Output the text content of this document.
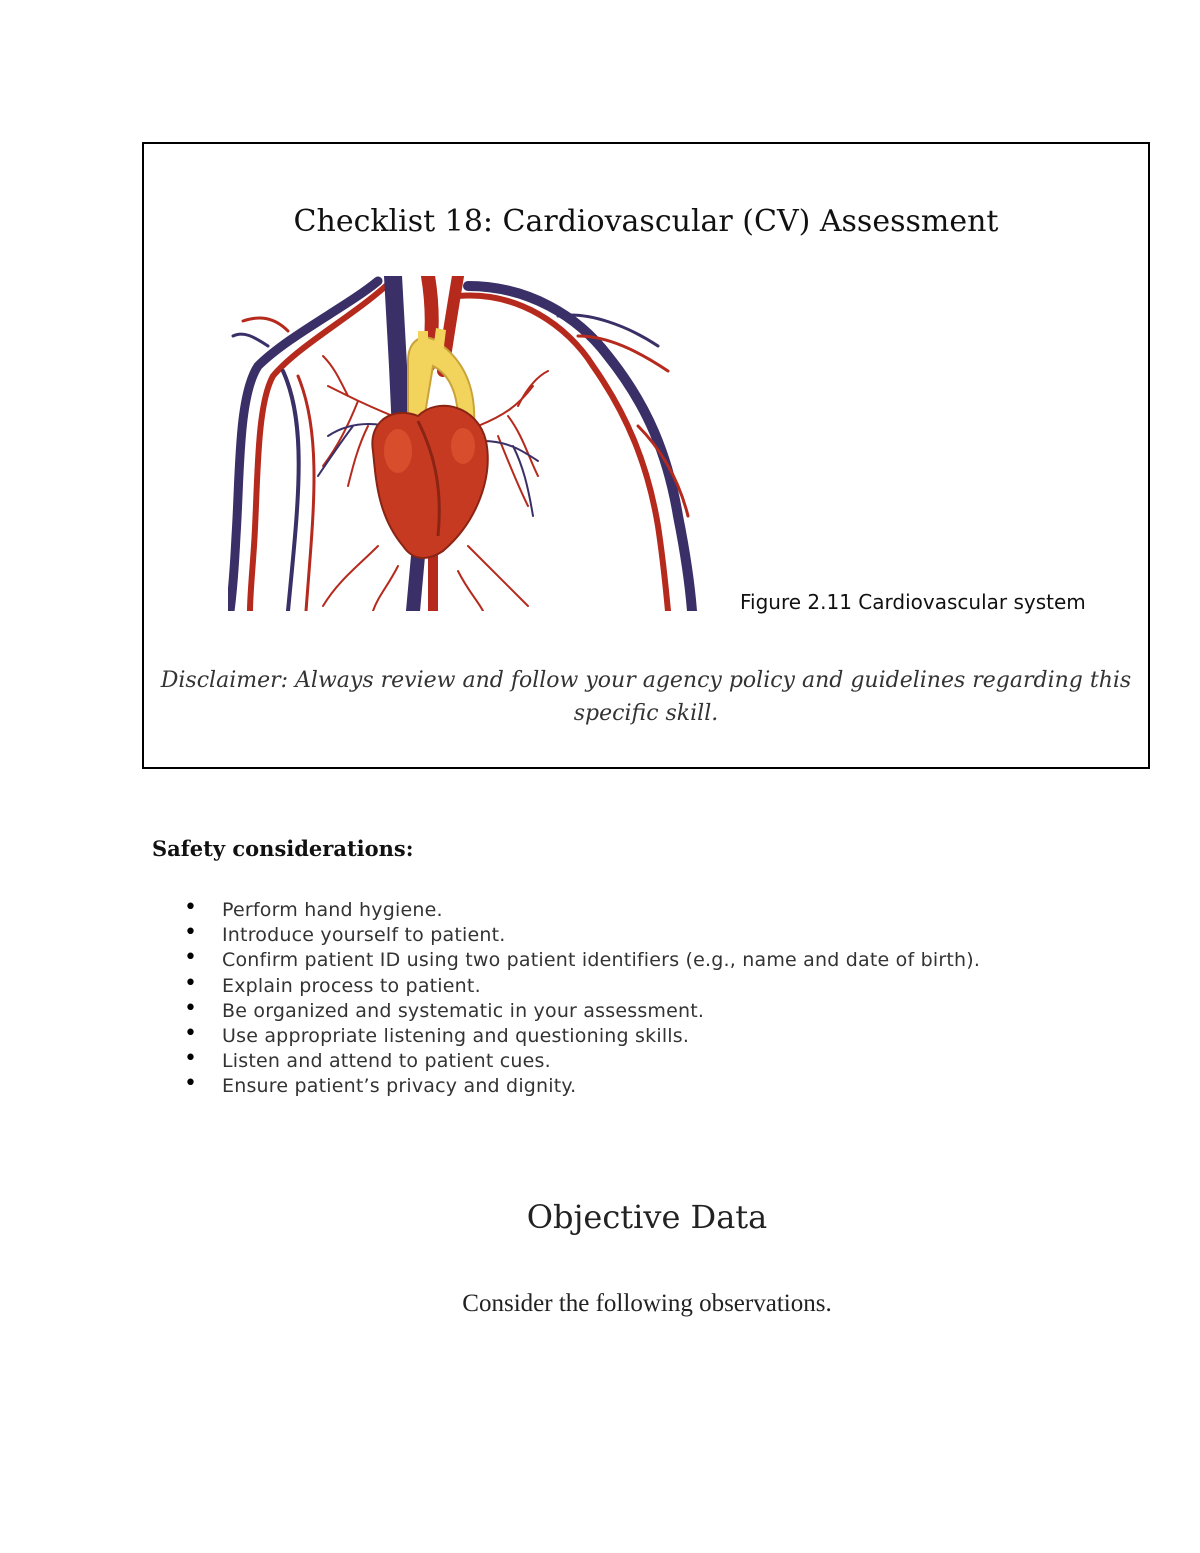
Checklist 18: Cardiovascular (CV) Assessment
Figure 2.11 Cardiovascular system
Disclaimer: Always review and follow your agency policy and guidelines regarding this specific skill.
Safety considerations:
• Perform hand hygiene.
• Introduce yourself to patient.
• Confirm patient ID using two patient identifiers (e.g., name and date of birth).
• Explain process to patient.
• Be organized and systematic in your assessment.
• Use appropriate listening and questioning skills.
• Listen and attend to patient cues.
• Ensure patient’s privacy and dignity.
Objective Data
Consider the following observations.
